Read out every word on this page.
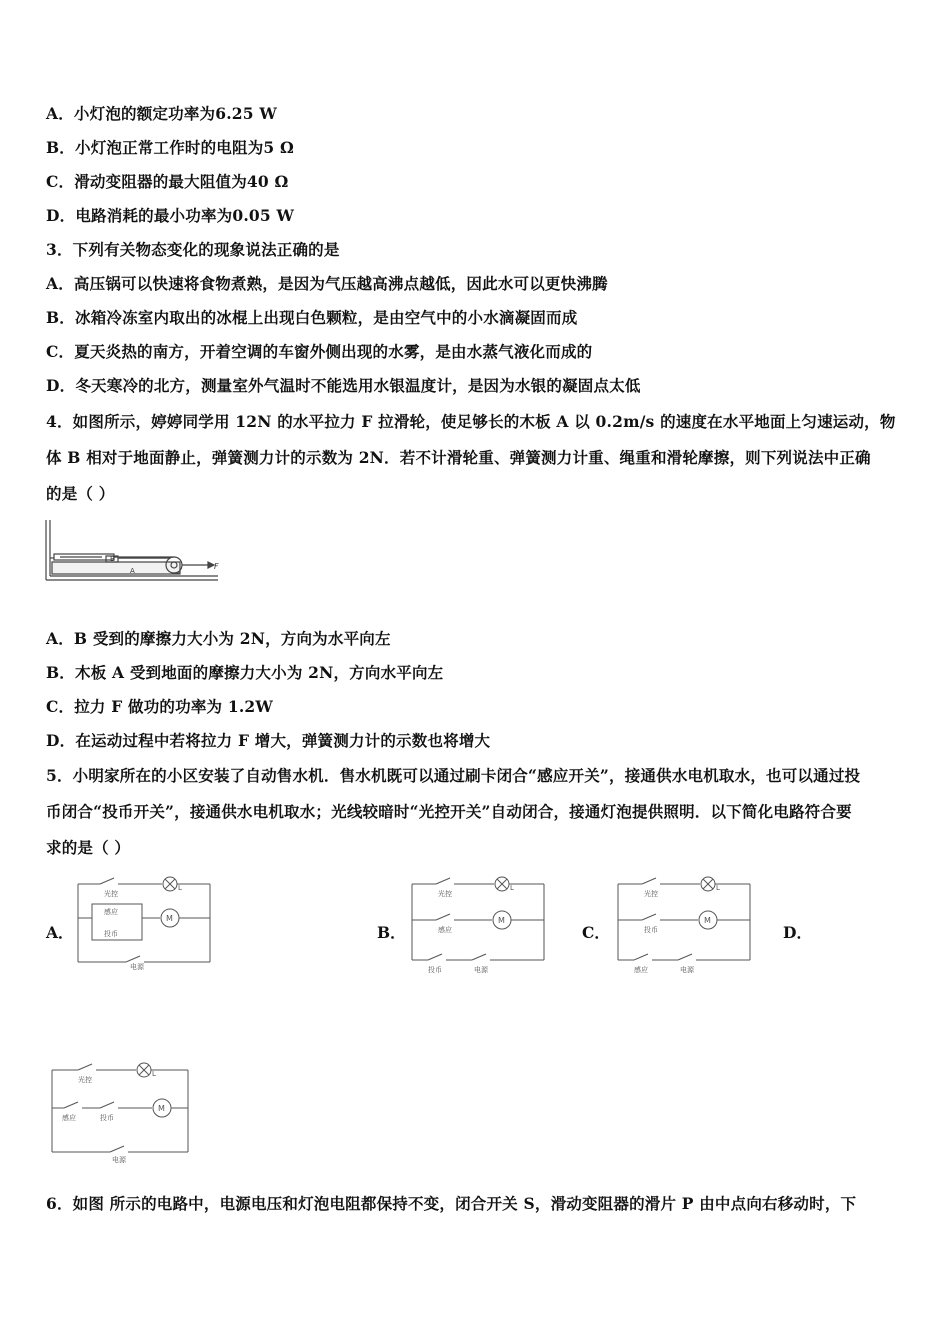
A．小灯泡的额定功率为6.25 W
B．小灯泡正常工作时的电阻为5 Ω
C．滑动变阻器的最大阻值为40 Ω
D．电路消耗的最小功率为0.05 W
3．下列有关物态变化的现象说法正确的是
A．高压锅可以快速将食物煮熟，是因为气压越高沸点越低，因此水可以更快沸腾
B．冰箱冷冻室内取出的冰棍上出现白色颗粒，是由空气中的小水滴凝固而成
C．夏天炎热的南方，开着空调的车窗外侧出现的水雾，是由水蒸气液化而成的
D．冬天寒冷的北方，测量室外气温时不能选用水银温度计，是因为水银的凝固点太低
4．如图所示，婷婷同学用 12N 的水平拉力 F 拉滑轮，使足够长的木板 A 以 0.2m/s 的速度在水平地面上匀速运动，物
体 B 相对于地面静止，弹簧测力计的示数为 2N．若不计滑轮重、弹簧测力计重、绳重和滑轮摩擦，则下列说法中正确
的是（ ）
B
A	F
A．B 受到的摩擦力大小为 2N，方向为水平向左
B．木板 A 受到地面的摩擦力大小为 2N，方向水平向左
C．拉力 F 做功的功率为 1.2W
D．在运动过程中若将拉力 F 增大，弹簧测力计的示数也将增大
5．小明家所在的小区安装了自动售水机．售水机既可以通过刷卡闭合“感应开关”，接通供水电机取水，也可以通过投
币闭合“投币开关”，接通供水电机取水；光线较暗时“光控开关”自动闭合，接通灯泡提供照明．以下简化电路符合要
求的是（ ）
A．	B．	C．	D．
光控
L
感应
投币
M
电源
光控
L
感应
M
投币	电源
光控
L
投币
M
感应	电源
光控
L
感应	投币
M
电源
6．如图 所示的电路中，电源电压和灯泡电阻都保持不变，闭合开关 S，滑动变阻器的滑片 P 由中点向右移动时，下
